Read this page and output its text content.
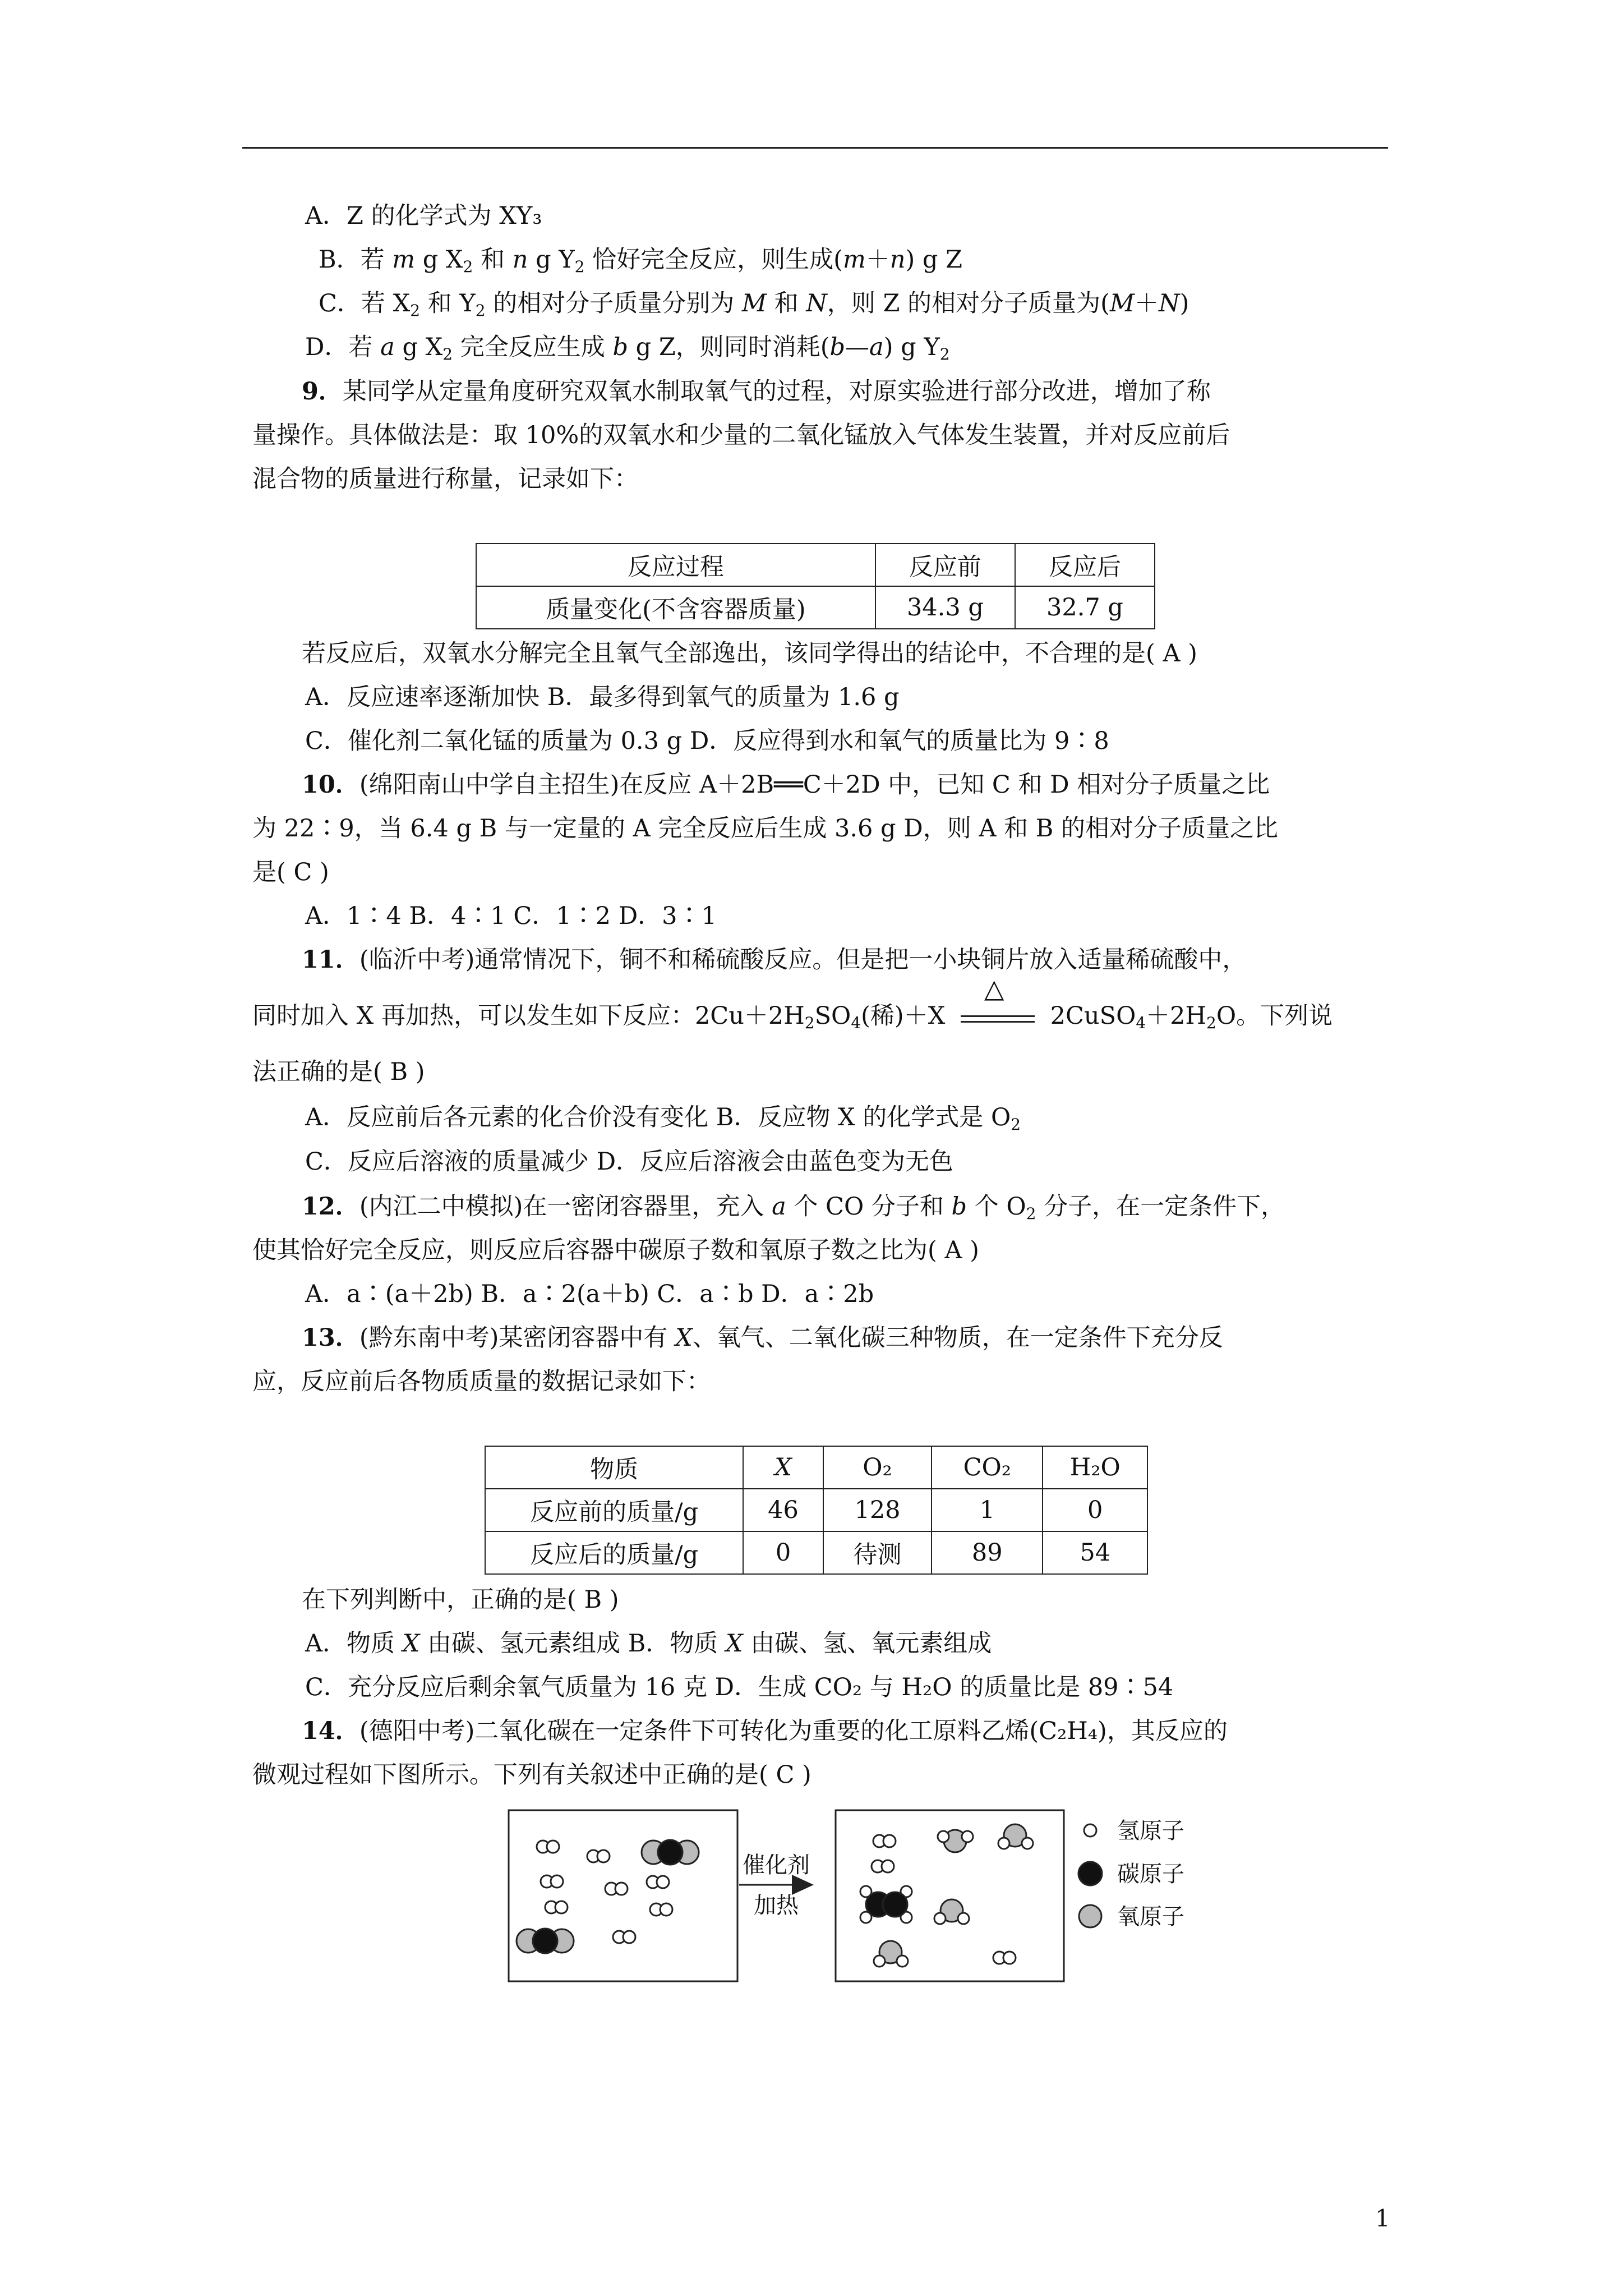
A．Z 的化学式为 XY₃
B．若 m g $X_2$ 和 n g $Y_2$ 恰好完全反应，则生成(m＋n) g Z
C．若 $X_2$ 和 $Y_2$ 的相对分子质量分别为 M 和 N，则 Z 的相对分子质量为(M＋N)
D．若 a g $X_2$ 完全反应生成 b g Z，则同时消耗(b—a) g $Y_2$
9．某同学从定量角度研究双氧水制取氧气的过程，对原实验进行部分改进，增加了称
量操作。具体做法是：取 10%的双氧水和少量的二氧化锰放入气体发生装置，并对反应前后
混合物的质量进行称量，记录如下：
反应过程	反应前	反应后
质量变化(不含容器质量)	34.3 g	32.7 g
若反应后，双氧水分解完全且氧气全部逸出，该同学得出的结论中，不合理的是( A )
A．反应速率逐渐加快 B．最多得到氧气的质量为 1.6 g
C．催化剂二氧化锰的质量为 0.3 g D．反应得到水和氧气的质量比为 9∶8
10．(绵阳南山中学自主招生)在反应 A＋2B══C＋2D 中，已知 C 和 D 相对分子质量之比
为 22∶9，当 6.4 g B 与一定量的 A 完全反应后生成 3.6 g D，则 A 和 B 的相对分子质量之比
是( C )
A．1∶4 B．4∶1 C．1∶2 D．3∶1
11．(临沂中考)通常情况下，铜不和稀硫酸反应。但是把一小块铜片放入适量稀硫酸中，
同时加入 X 再加热，可以发生如下反应：$2Cu+2H_2SO_4$(稀)＋X
△
$2CuSO_4+2H_2O$。下列说
法正确的是( B )
A．反应前后各元素的化合价没有变化 B．反应物 X 的化学式是 $O_2$
C．反应后溶液的质量减少 D．反应后溶液会由蓝色变为无色
12．(内江二中模拟)在一密闭容器里，充入 a 个 CO 分子和 b 个 $O_2$ 分子，在一定条件下，
使其恰好完全反应，则反应后容器中碳原子数和氧原子数之比为( A )
A．a∶(a＋2b) B．a∶2(a＋b) C．a∶b D．a∶2b
13．(黔东南中考)某密闭容器中有 X、氧气、二氧化碳三种物质，在一定条件下充分反
应，反应前后各物质质量的数据记录如下：
物质	X	O₂	CO₂	H₂O
反应前的质量/g	46	128	1	0
反应后的质量/g	0	待测	89	54
在下列判断中，正确的是( B )
A．物质 X 由碳、氢元素组成 B．物质 X 由碳、氢、氧元素组成
C．充分反应后剩余氧气质量为 16 克 D．生成 CO₂ 与 H₂O 的质量比是 89∶54
14．(德阳中考)二氧化碳在一定条件下可转化为重要的化工原料乙烯(C₂H₄)，其反应的
微观过程如下图所示。下列有关叙述中正确的是( C )
催化剂
加热
氢原子
碳原子
氧原子
1
